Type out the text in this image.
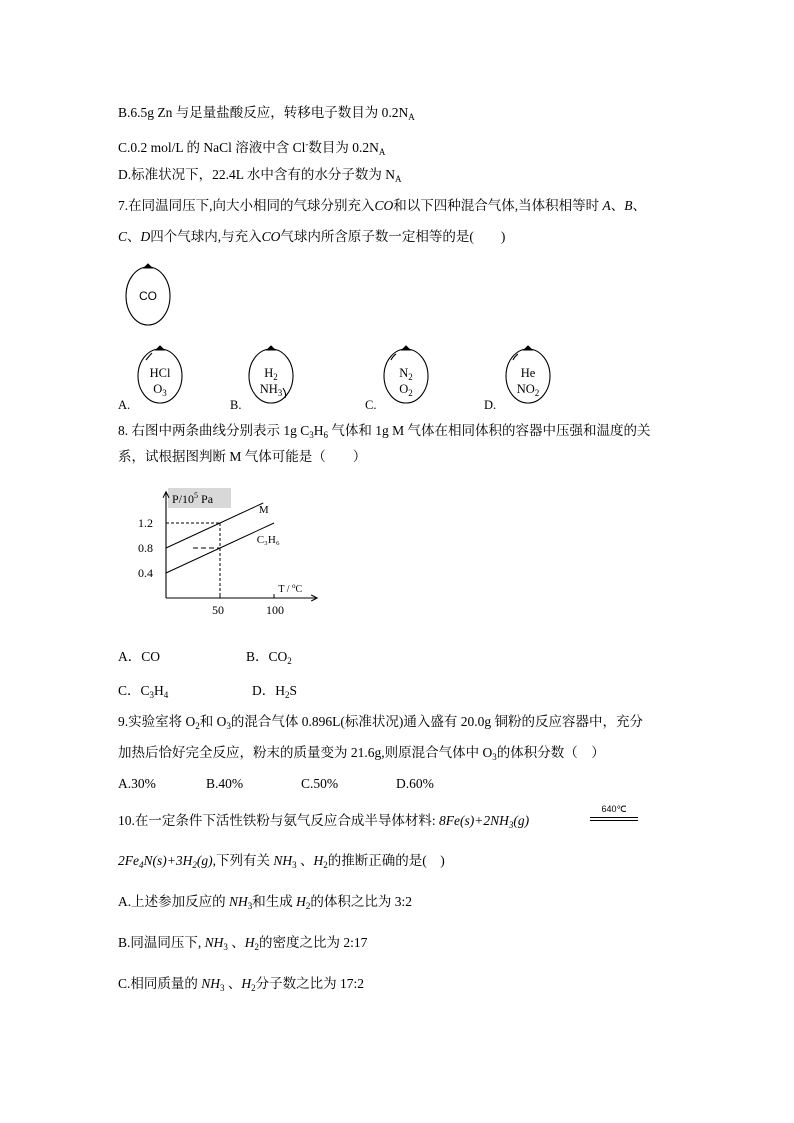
B.6.5g Zn 与足量盐酸反应，转移电子数目为 $0.2N_A$
C.0.2 mol/L 的 NaCl 溶液中含 Cl-数目为 $0.2N_A$
D.标准状况下，22.4L 水中含有的水分子数为 $N_A$
7.在同温同压下,向大小相同的气球分别充入CO和以下四种混合气体,当体积相等时 A、B、
C、D四个气球内,与充入CO气球内所含原子数一定相等的是(　　)
CO
HCl
$O_3$
A.
$H_2$
$NH_3$
B.
$N_2$
$O_2$
C.
He
$NO_2$
D.
8. 右图中两条曲线分别表示 1g $C_3H_6$ 气体和 1g M 气体在相同体积的容器中压强和温度的关
系，试根据图判断 M 气体可能是（　　）
$P/10^5$ Pa
1.2
0.8
0.4
50	100
T / $^o$C
M
C₃H₆
A．CO	B．$CO_2$
C．$C_3H_4$	D．$H_2S$
9.实验室将 $O_2$和 $O_3$的混合气体 0.896L(标准状况)通入盛有 20.0g 铜粉的反应容器中，充分
加热后恰好完全反应，粉末的质量变为 21.6g,则原混合气体中 $O_3$的体积分数（　）
A.30%	B.40%	C.50%	D.60%
10.在一定条件下活性铁粉与氨气反应合成半导体材料: $8Fe(s)+2NH_3(g)$
640℃
$2Fe_4N(s)+3H_2(g)$,下列有关 $NH_3$ 、$H_2$的推断正确的是(　)
A.上述参加反应的 $NH_3$和生成 $H_2$的体积之比为 3:2
B.同温同压下, $NH_3$ 、$H_2$的密度之比为 2:17
C.相同质量的 $NH_3$ 、$H_2$分子数之比为 17:2
